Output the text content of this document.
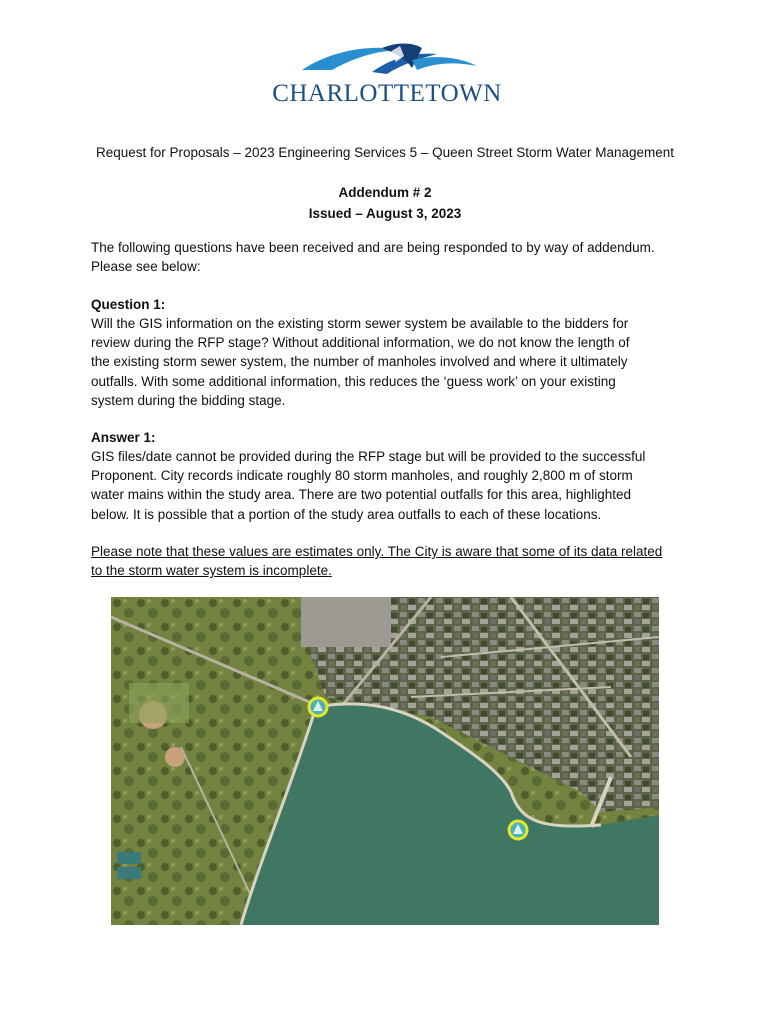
CHARLOTTETOWN
Request for Proposals – 2023 Engineering Services 5 – Queen Street Storm Water Management
Addendum # 2
Issued – August 3, 2023
The following questions have been received and are being responded to by way of addendum.
Please see below:
Question 1:
Will the GIS information on the existing storm sewer system be available to the bidders for
review during the RFP stage? Without additional information, we do not know the length of
the existing storm sewer system, the number of manholes involved and where it ultimately
outfalls. With some additional information, this reduces the ‘guess work’ on your existing
system during the bidding stage.
Answer 1:
GIS files/date cannot be provided during the RFP stage but will be provided to the successful
Proponent. City records indicate roughly 80 storm manholes, and roughly 2,800 m of storm
water mains within the study area. There are two potential outfalls for this area, highlighted
below. It is possible that a portion of the study area outfalls to each of these locations.
Please note that these values are estimates only. The City is aware that some of its data related
to the storm water system is incomplete.
